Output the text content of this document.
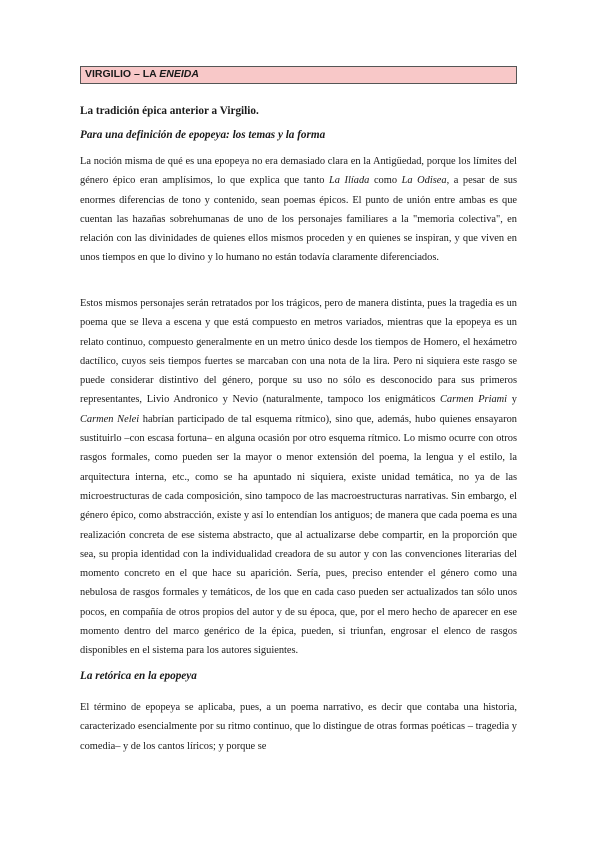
VIRGILIO – LA ENEIDA
La tradición épica anterior a Virgilio.
Para una definición de epopeya: los temas y la forma

La noción misma de qué es una epopeya no era demasiado clara en la Antigüedad, porque los límites del género épico eran amplísimos, lo que explica que tanto La Ilíada como La Odisea, a pesar de sus enormes diferencias de tono y contenido, sean poemas épicos. El punto de unión entre ambas es que cuentan las hazañas sobrehumanas de uno de los personajes familiares a la "memoria colectiva", en relación con las divinidades de quienes ellos mismos proceden y en quienes se inspiran, y que viven en unos tiempos en que lo divino y lo humano no están todavía claramente diferenciados.

Estos mismos personajes serán retratados por los trágicos, pero de manera distinta, pues la tragedia es un poema que se lleva a escena y que está compuesto en metros variados, mientras que la epopeya es un relato continuo, compuesto generalmente en un metro único desde los tiempos de Homero, el hexámetro dactílico, cuyos seis tiempos fuertes se marcaban con una nota de la lira. Pero ni siquiera este rasgo se puede considerar distintivo del género, porque su uso no sólo es desconocido para sus primeros representantes, Livio Andronico y Nevio (naturalmente, tampoco los enigmáticos Carmen Priami y Carmen Nelei habrían participado de tal esquema rítmico), sino que, además, hubo quienes ensayaron sustituirlo –con escasa fortuna– en alguna ocasión por otro esquema rítmico. Lo mismo ocurre con otros rasgos formales, como pueden ser la mayor o menor extensión del poema, la lengua y el estilo, la arquitectura interna, etc., como se ha apuntado ni siquiera, existe unidad temática, no ya de las microestructuras de cada composición, sino tampoco de las macroestructuras narrativas. Sin embargo, el género épico, como abstracción, existe y así lo entendían los antiguos; de manera que cada poema es una realización concreta de ese sistema abstracto, que al actualizarse debe compartir, en la proporción que sea, su propia identidad con la individualidad creadora de su autor y con las convenciones literarias del momento concreto en el que hace su aparición. Sería, pues, preciso entender el género como una nebulosa de rasgos formales y temáticos, de los que en cada caso pueden ser actualizados tan sólo unos pocos, en compañía de otros propios del autor y de su época, que, por el mero hecho de aparecer en ese momento dentro del marco genérico de la épica, pueden, si triunfan, engrosar el elenco de rasgos disponibles en el sistema para los autores siguientes.

La retórica en la epopeya

El término de epopeya se aplicaba, pues, a un poema narrativo, es decir que contaba una historia, caracterizado esencialmente por su ritmo continuo, que lo distingue de otras formas poéticas – tragedia y comedia– y de los cantos líricos; y porque se
